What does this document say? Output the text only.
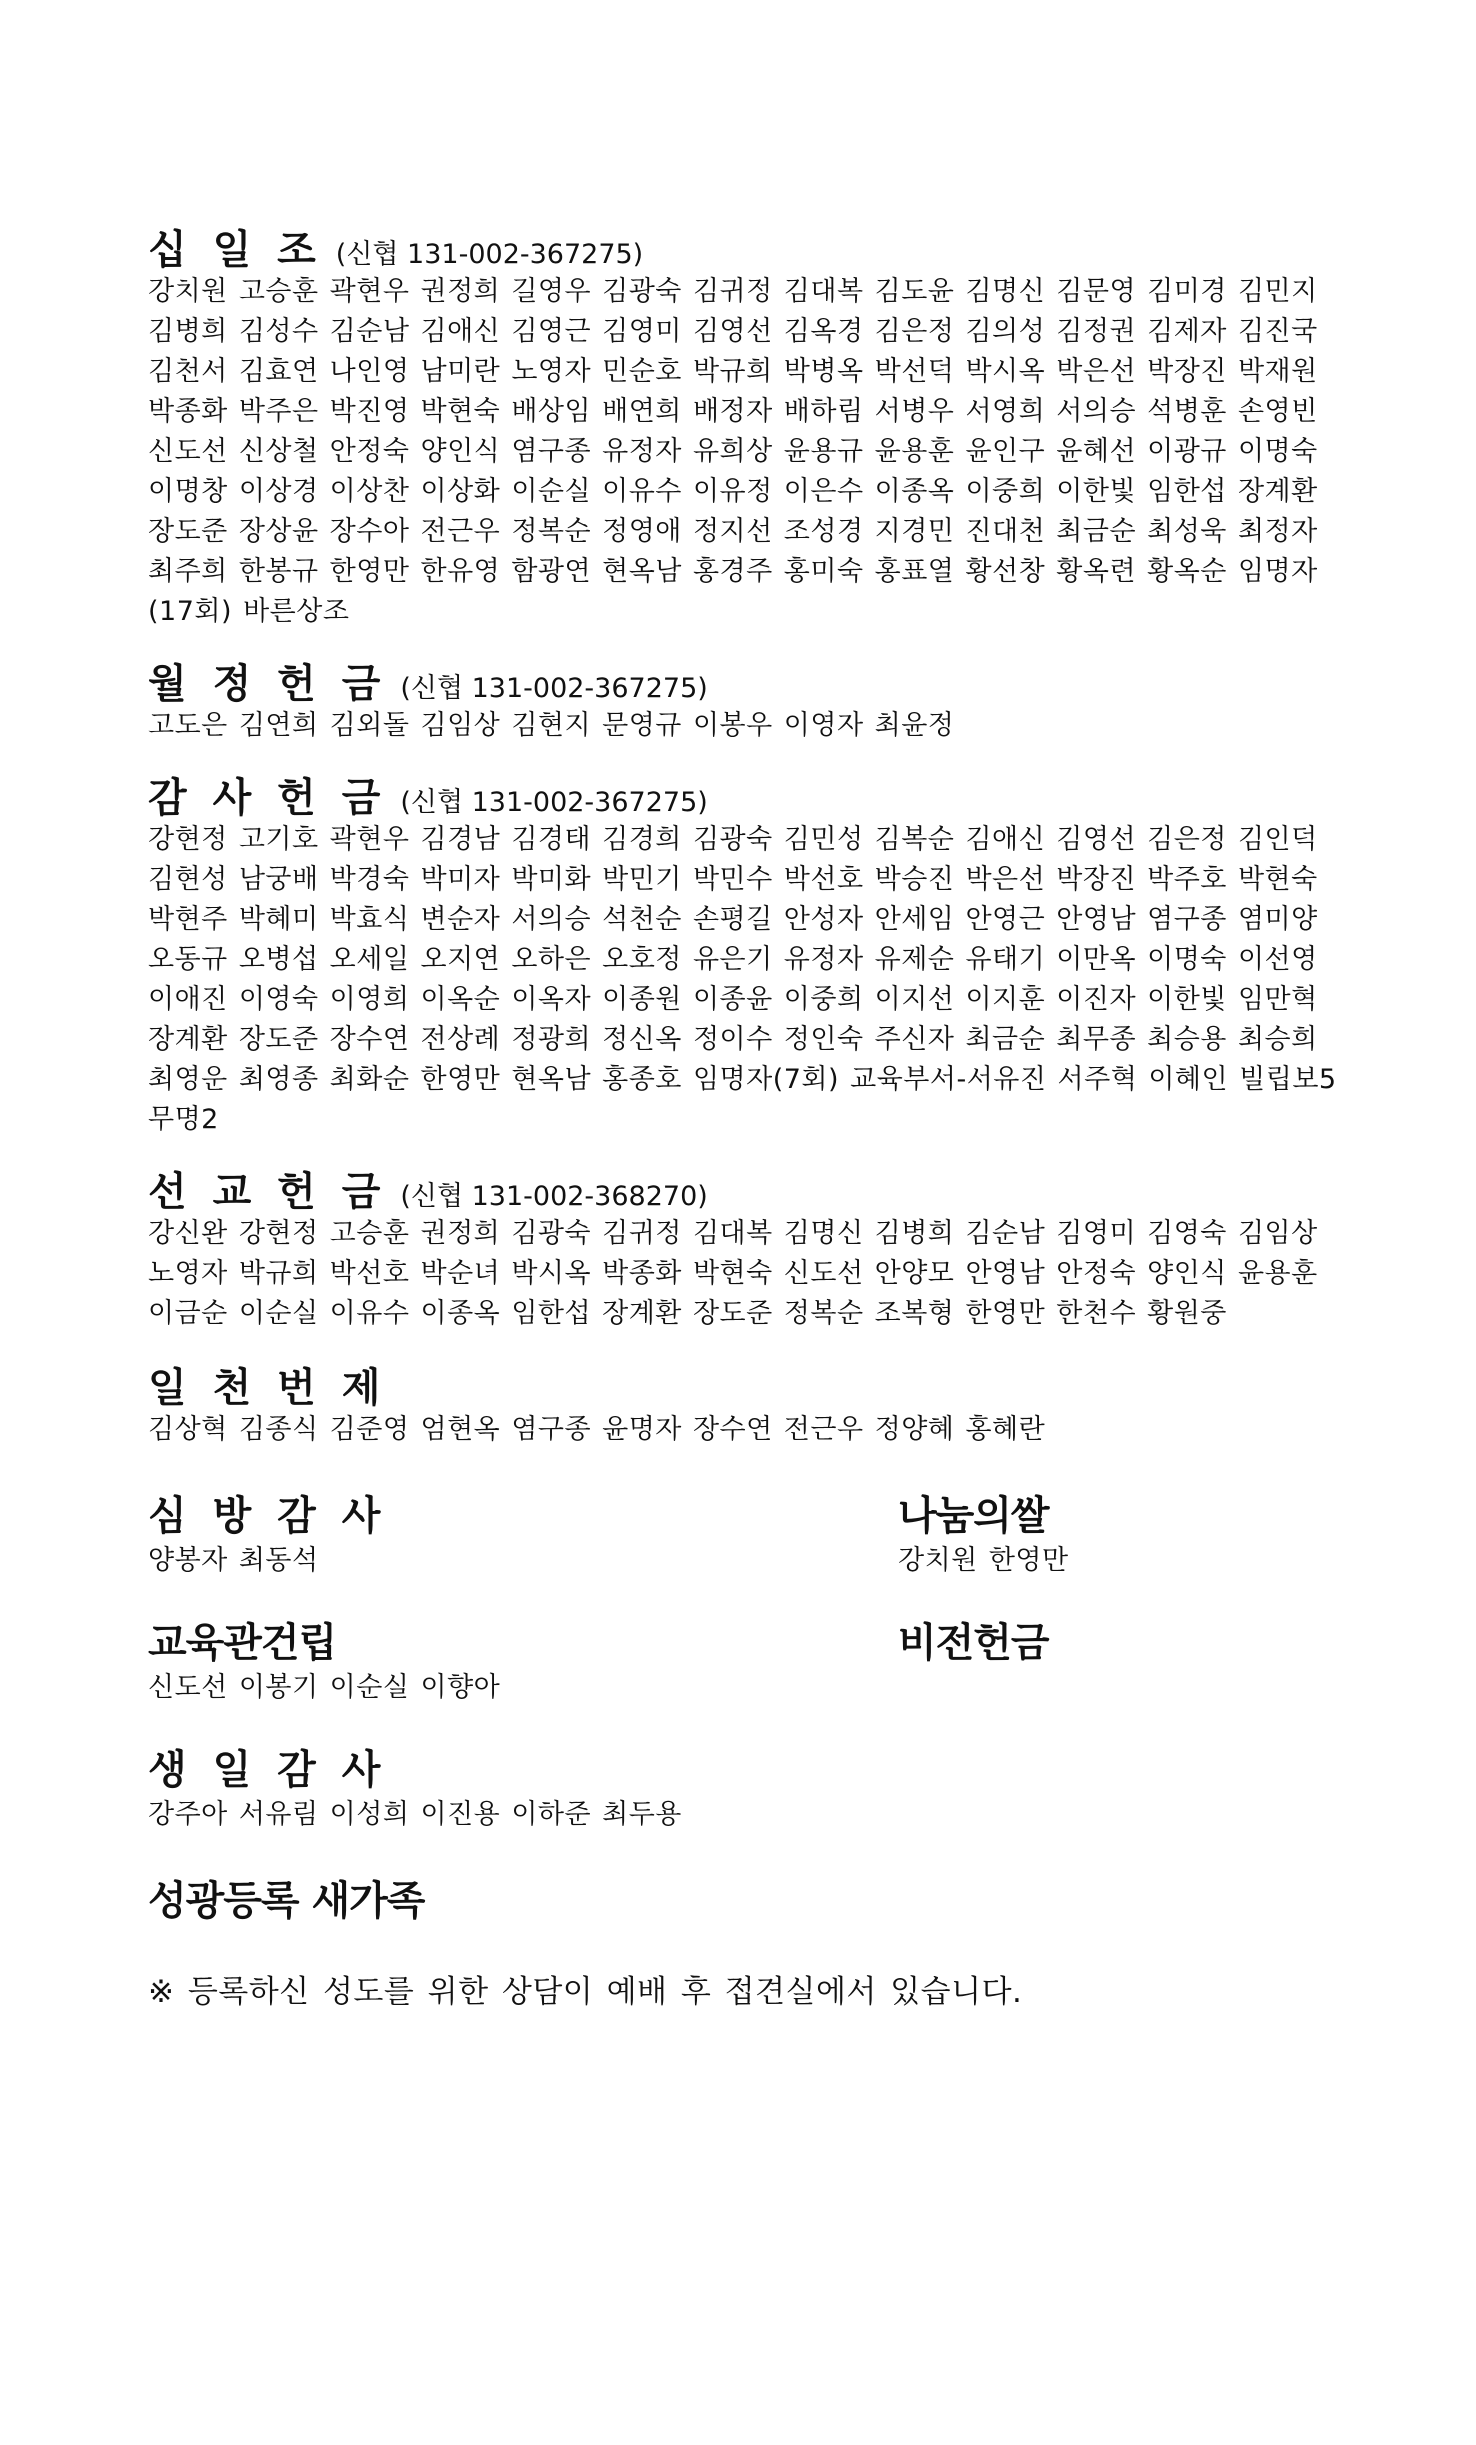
십 일 조 (신협 131-002-367275)
강치원 고승훈 곽현우 권정희 길영우 김광숙 김귀정 김대복 김도윤 김명신 김문영 김미경 김민지 김병희 김성수 김순남 김애신 김영근 김영미 김영선 김옥경 김은정 김의성 김정권 김제자 김진국 김천서 김효연 나인영 남미란 노영자 민순호 박규희 박병옥 박선덕 박시옥 박은선 박장진 박재원 박종화 박주은 박진영 박현숙 배상임 배연희 배정자 배하림 서병우 서영희 서의승 석병훈 손영빈 신도선 신상철 안정숙 양인식 염구종 유정자 유희상 윤용규 윤용훈 윤인구 윤혜선 이광규 이명숙 이명창 이상경 이상찬 이상화 이순실 이유수 이유정 이은수 이종옥 이중희 이한빛 임한섭 장계환 장도준 장상윤 장수아 전근우 정복순 정영애 정지선 조성경 지경민 진대천 최금순 최성욱 최정자 최주희 한봉규 한영만 한유영 함광연 현옥남 홍경주 홍미숙 홍표열 황선창 황옥련 황옥순 임명자(17회) 바른상조
월 정 헌 금 (신협 131-002-367275)
고도은 김연희 김외돌 김임상 김현지 문영규 이봉우 이영자 최윤정
감 사 헌 금 (신협 131-002-367275)
강현정 고기호 곽현우 김경남 김경태 김경희 김광숙 김민성 김복순 김애신 김영선 김은정 김인덕 김현성 남궁배 박경숙 박미자 박미화 박민기 박민수 박선호 박승진 박은선 박장진 박주호 박현숙 박현주 박혜미 박효식 변순자 서의승 석천순 손평길 안성자 안세임 안영근 안영남 염구종 염미양 오동규 오병섭 오세일 오지연 오하은 오호정 유은기 유정자 유제순 유태기 이만옥 이명숙 이선영 이애진 이영숙 이영희 이옥순 이옥자 이종원 이종윤 이중희 이지선 이지훈 이진자 이한빛 임만혁 장계환 장도준 장수연 전상례 정광희 정신옥 정이수 정인숙 주신자 최금순 최무종 최승용 최승희 최영운 최영종 최화순 한영만 현옥남 홍종호 임명자(7회) 교육부서-서유진 서주혁 이혜인 빌립보5 무명2
선 교 헌 금 (신협 131-002-368270)
강신완 강현정 고승훈 권정희 김광숙 김귀정 김대복 김명신 김병희 김순남 김영미 김영숙 김임상 노영자 박규희 박선호 박순녀 박시옥 박종화 박현숙 신도선 안양모 안영남 안정숙 양인식 윤용훈 이금순 이순실 이유수 이종옥 임한섭 장계환 장도준 정복순 조복형 한영만 한천수 황원중
일 천 번 제
김상혁 김종식 김준영 엄현옥 염구종 윤명자 장수연 전근우 정양혜 홍혜란
심 방 감 사
양봉자 최동석
나눔의쌀
강치원 한영만
교육관건립
신도선 이봉기 이순실 이향아
비전헌금
생 일 감 사
강주아 서유림 이성희 이진용 이하준 최두용
성광등록 새가족
※ 등록하신 성도를 위한 상담이 예배 후 접견실에서 있습니다.
